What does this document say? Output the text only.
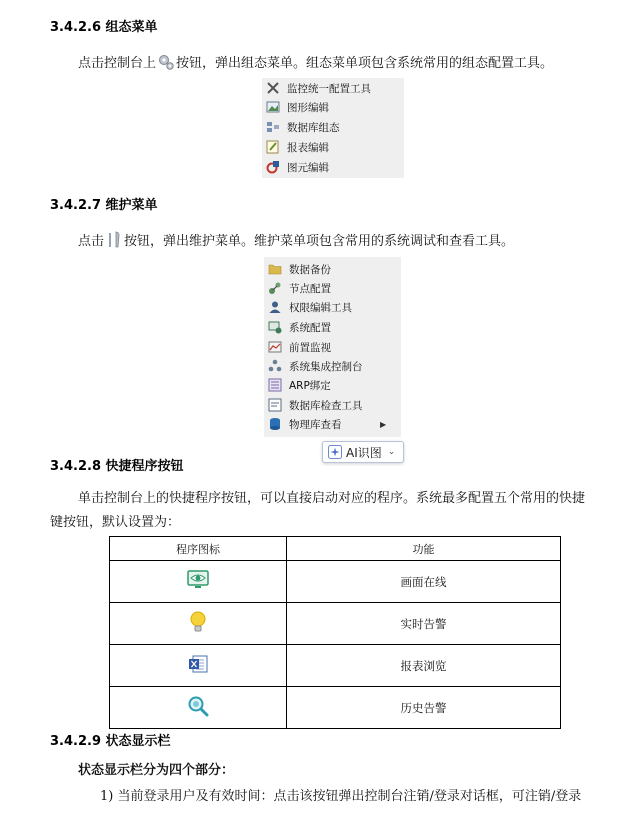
3.4.2.6 组态菜单
点击控制台上 按钮，弹出组态菜单。组态菜单项包含系统常用的组态配置工具。
监控统一配置工具
图形编辑
数据库组态
报表编辑
图元编辑
3.4.2.7 维护菜单
点击 按钮，弹出维护菜单。维护菜单项包含常用的系统调试和查看工具。
数据备份
节点配置
权限编辑工具
系统配置
前置监视
系统集成控制台
ARP绑定
数据库检查工具
物理库查看	▶
AI识图 ⌄
3.4.2.8 快捷程序按钮
单击控制台上的快捷程序按钮，可以直接启动对应的程序。系统最多配置五个常用的快捷
键按钮，默认设置为：
程序图标	功能
	画面在线
	实时告警
	报表浏览
	历史告警
3.4.2.9 状态显示栏
状态显示栏分为四个部分：
1) 当前登录用户及有效时间：点击该按钮弹出控制台注销/登录对话框，可注销/登录
